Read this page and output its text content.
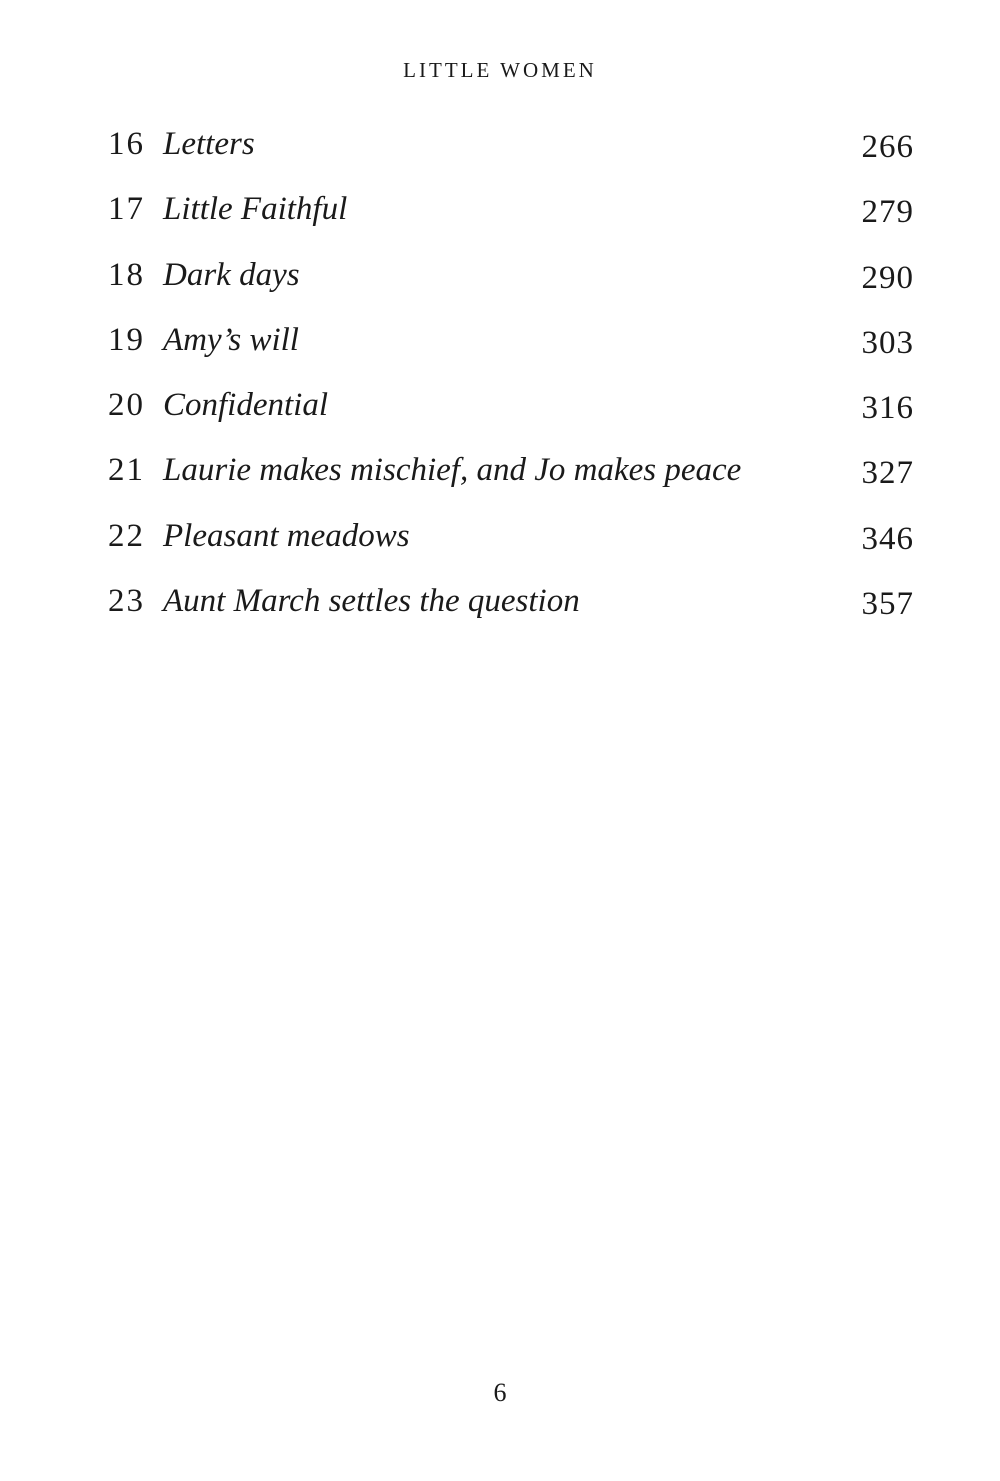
LITTLE WOMEN
16 Letters	266
17 Little Faithful	279
18 Dark days	290
19 Amy’s will	303
20 Confidential	316
21 Laurie makes mischief, and Jo makes peace	327
22 Pleasant meadows	346
23 Aunt March settles the question	357
6
